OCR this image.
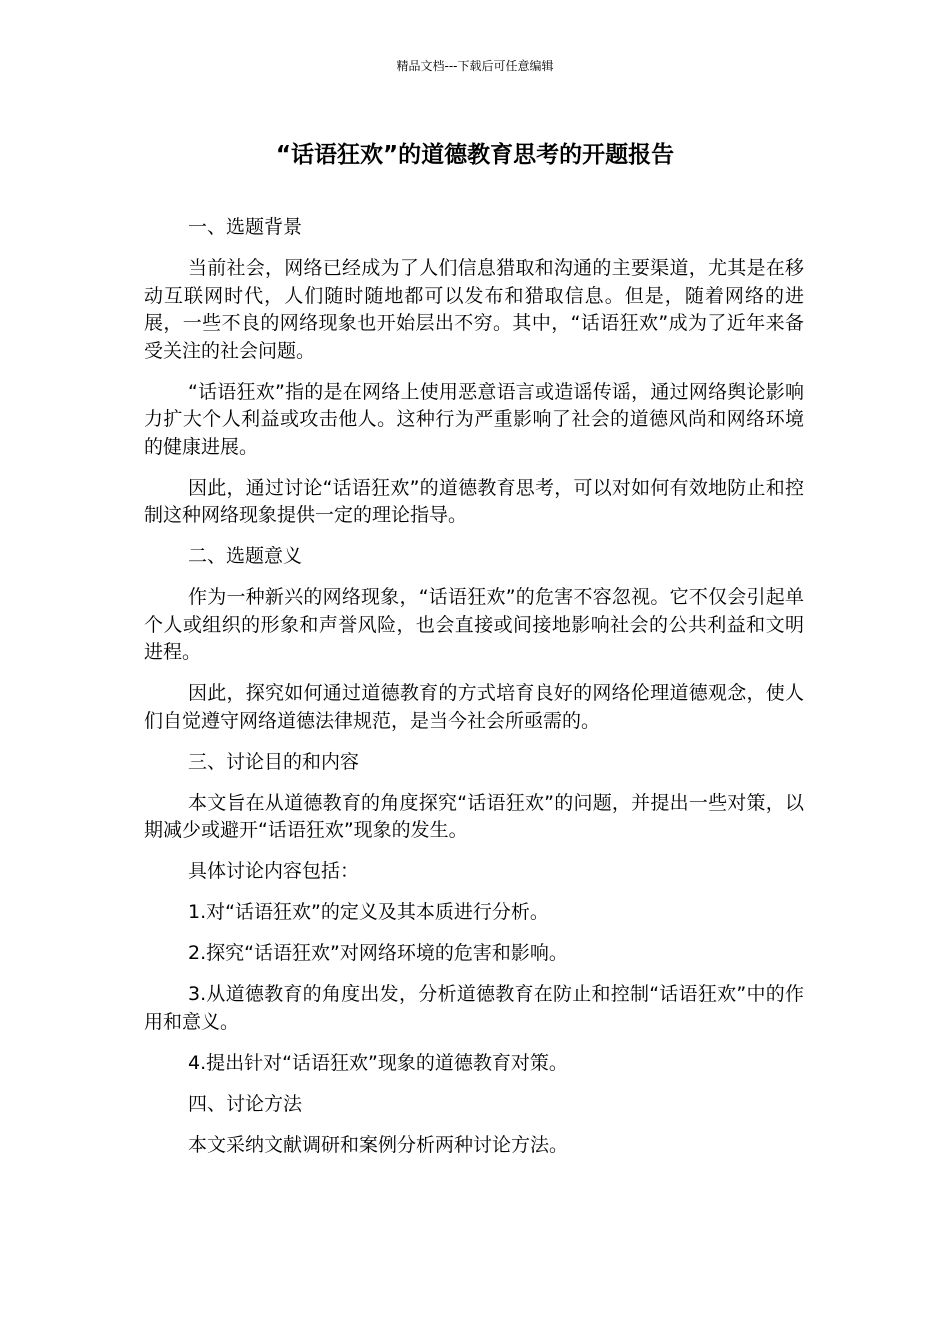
精品文档---下载后可任意编辑
“话语狂欢”的道德教育思考的开题报告

一、选题背景

当前社会，网络已经成为了人们信息猎取和沟通的主要渠道，尤其是在移动互联网时代，人们随时随地都可以发布和猎取信息。但是，随着网络的进展，一些不良的网络现象也开始层出不穷。其中，“话语狂欢”成为了近年来备受关注的社会问题。

“话语狂欢”指的是在网络上使用恶意语言或造谣传谣，通过网络舆论影响力扩大个人利益或攻击他人。这种行为严重影响了社会的道德风尚和网络环境的健康进展。

因此，通过讨论“话语狂欢”的道德教育思考，可以对如何有效地防止和控制这种网络现象提供一定的理论指导。

二、选题意义

作为一种新兴的网络现象，“话语狂欢”的危害不容忽视。它不仅会引起单个人或组织的形象和声誉风险，也会直接或间接地影响社会的公共利益和文明进程。

因此，探究如何通过道德教育的方式培育良好的网络伦理道德观念，使人们自觉遵守网络道德法律规范，是当今社会所亟需的。

三、讨论目的和内容

本文旨在从道德教育的角度探究“话语狂欢”的问题，并提出一些对策，以期减少或避开“话语狂欢”现象的发生。

具体讨论内容包括：

1.对“话语狂欢”的定义及其本质进行分析。

2.探究“话语狂欢”对网络环境的危害和影响。

3.从道德教育的角度出发，分析道德教育在防止和控制“话语狂欢”中的作用和意义。

4.提出针对“话语狂欢”现象的道德教育对策。

四、讨论方法

本文采纳文献调研和案例分析两种讨论方法。
